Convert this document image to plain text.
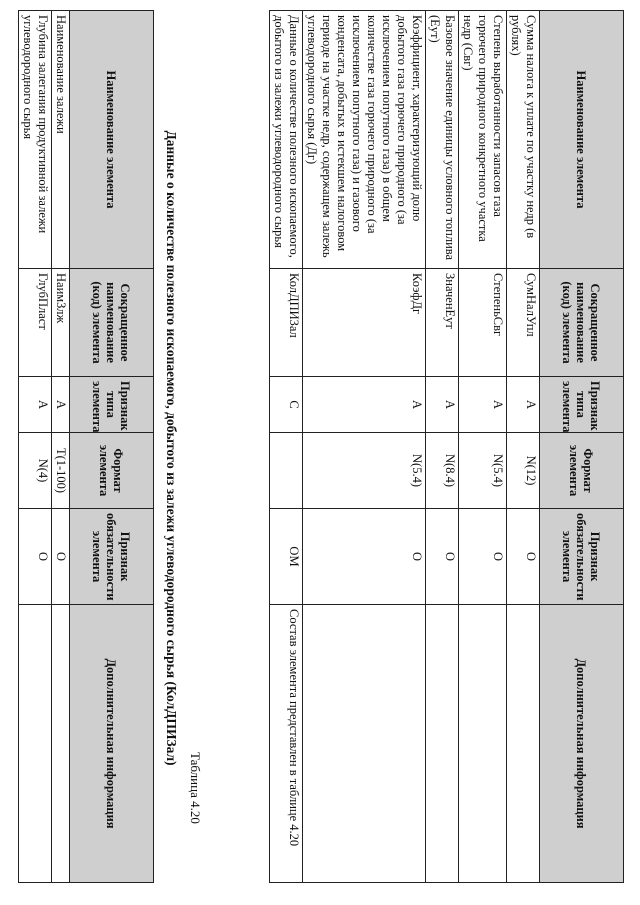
Наименование элемента	Сокращенное наименование (код) элемента	Признак типа элемента	Формат элемента	Признак обязательности элемента	Дополнительная информация
Сумма налога к уплате по участку недр (в рублях)	СумНалУпл	А	N(12)	О	
Степень выработанности запасов газа горючего природного конкретного участка недр (Свг)	СтепеньСвг	А	N(5.4)	О	
Базовое значение единицы условного топлива (Еут)	ЗначенЕут	А	N(8.4)	О	
Коэффициент, характеризующий долю добытого газа горючего природного (за исключением попутного газа) в общем количестве газа горючего природного (за исключением попутного газа) и газового конденсата, добытых в истекшем налоговом периоде на участке недр, содержащем залежь углеводородного сырья (Дг)	КоэфДг	А	N(5.4)	О	
Данные о количестве полезного ископаемого, добытого из залежи углеводородного сырья	КолДПИЗал	С		ОМ	Состав элемента представлен в таблице 4.20
Таблица 4.20
Данные о количестве полезного ископаемого, добытого из залежи углеводородного сырья (КолДПИЗал)
Наименование элемента	Сокращенное наименование (код) элемента	Признак типа элемента	Формат элемента	Признак обязательности элемента	Дополнительная информация
Наименование залежи	НаимЗлж	А	T(1-100)	О	
Глубина залегания продуктивной залежи углеводородного сырья	ГлубПласт	А	N(4)	О	
